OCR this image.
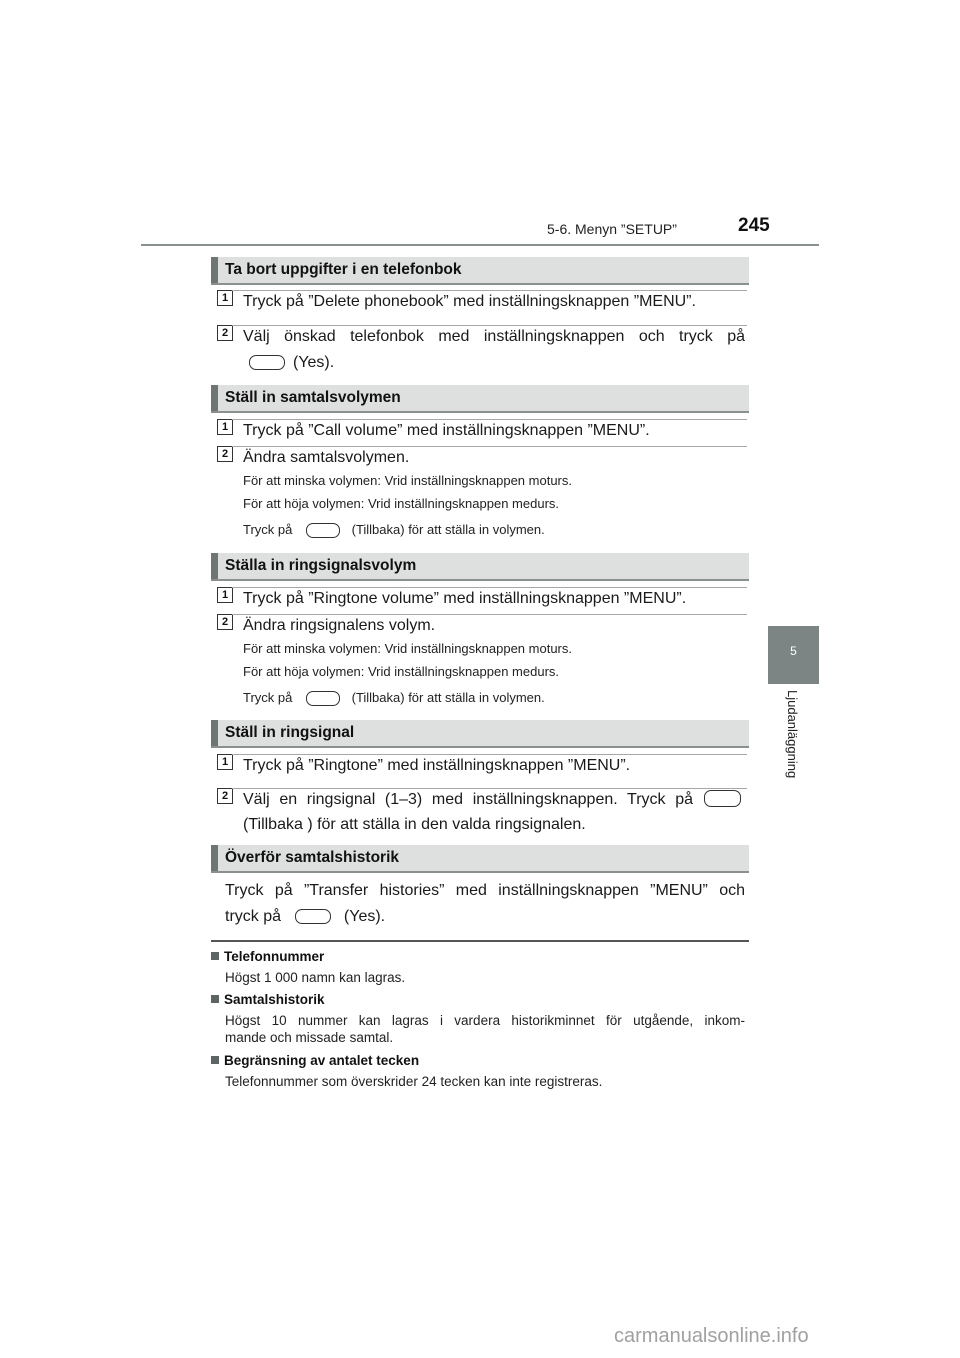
5-6. Menyn ”SETUP”	245
5
Ljudanläggning
Ta bort uppgifter i en telefonbok
1 Tryck på ”Delete phonebook” med inställningsknappen ”MENU”.
2 Välj önskad telefonbok med inställningsknappen och tryck på
(Yes).
Ställ in samtalsvolymen
1 Tryck på ”Call volume” med inställningsknappen ”MENU”.
2 Ändra samtalsvolymen.
För att minska volymen: Vrid inställningsknappen moturs.
För att höja volymen: Vrid inställningsknappen medurs.
Tryck på	(Tillbaka) för att ställa in volymen.
Ställa in ringsignalsvolym
1 Tryck på ”Ringtone volume” med inställningsknappen ”MENU”.
2 Ändra ringsignalens volym.
För att minska volymen: Vrid inställningsknappen moturs.
För att höja volymen: Vrid inställningsknappen medurs.
Tryck på	(Tillbaka) för att ställa in volymen.
Ställ in ringsignal
1 Tryck på ”Ringtone” med inställningsknappen ”MENU”.
2 Välj en ringsignal (1–3) med inställningsknappen. Tryck på
(Tillbaka ) för att ställa in den valda ringsignalen.
Överför samtalshistorik
Tryck på ”Transfer histories” med inställningsknappen ”MENU” och
tryck på	(Yes).
Telefonnummer
Högst 1 000 namn kan lagras.
Samtalshistorik
Högst 10 nummer kan lagras i vardera historikminnet för utgående, inkom-
mande och missade samtal.
Begränsning av antalet tecken
Telefonnummer som överskrider 24 tecken kan inte registreras.
carmanualsonline.info
